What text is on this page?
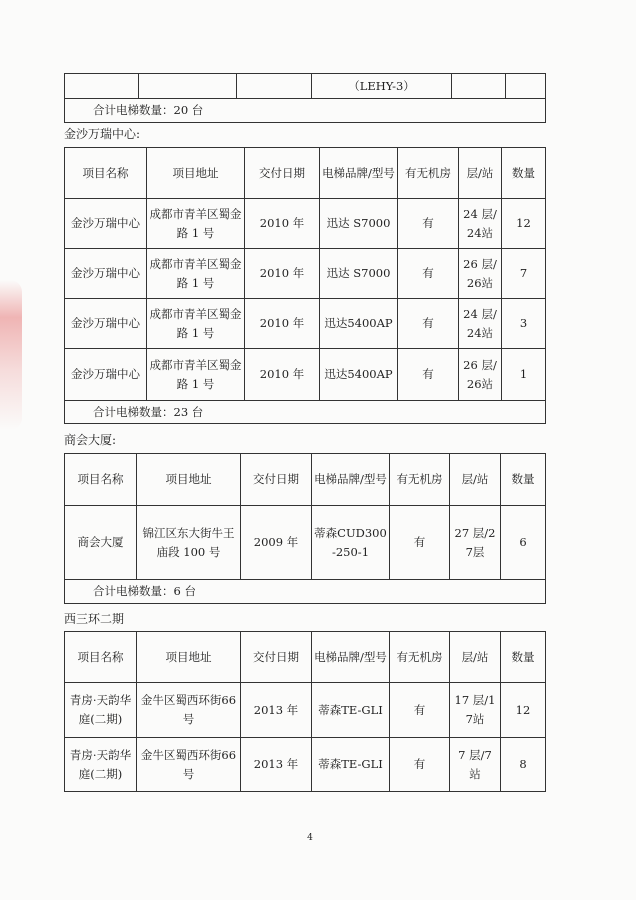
			（LEHY-3）		
合计电梯数量：20 台
金沙万瑞中心:
项目名称	项目地址	交付日期	电梯品牌/型号	有无机房	层/站	数量
金沙万瑞中心	成都市青羊区蜀金路 1 号	2010 年	迅达 S7000	有	24 层/24站	12
金沙万瑞中心	成都市青羊区蜀金路 1 号	2010 年	迅达 S7000	有	26 层/26站	7
金沙万瑞中心	成都市青羊区蜀金路 1 号	2010 年	迅达5400AP	有	24 层/24站	3
金沙万瑞中心	成都市青羊区蜀金路 1 号	2010 年	迅达5400AP	有	26 层/26站	1
合计电梯数量：23 台						
商会大厦:
项目名称	项目地址	交付日期	电梯品牌/型号	有无机房	层/站	数量
商会大厦	锦江区东大街牛王庙段 100 号	2009 年	蒂森CUD300-250-1	有	27 层/27层	6
合计电梯数量：6 台						
西三环二期
项目名称	项目地址	交付日期	电梯品牌/型号	有无机房	层/站	数量
青房·天韵华庭(二期)	金牛区蜀西环街66 号	2013 年	蒂森TE-GLI	有	17 层/17站	12
青房·天韵华庭(二期)	金牛区蜀西环街66 号	2013 年	蒂森TE-GLI	有	7 层/7 站	8
4
